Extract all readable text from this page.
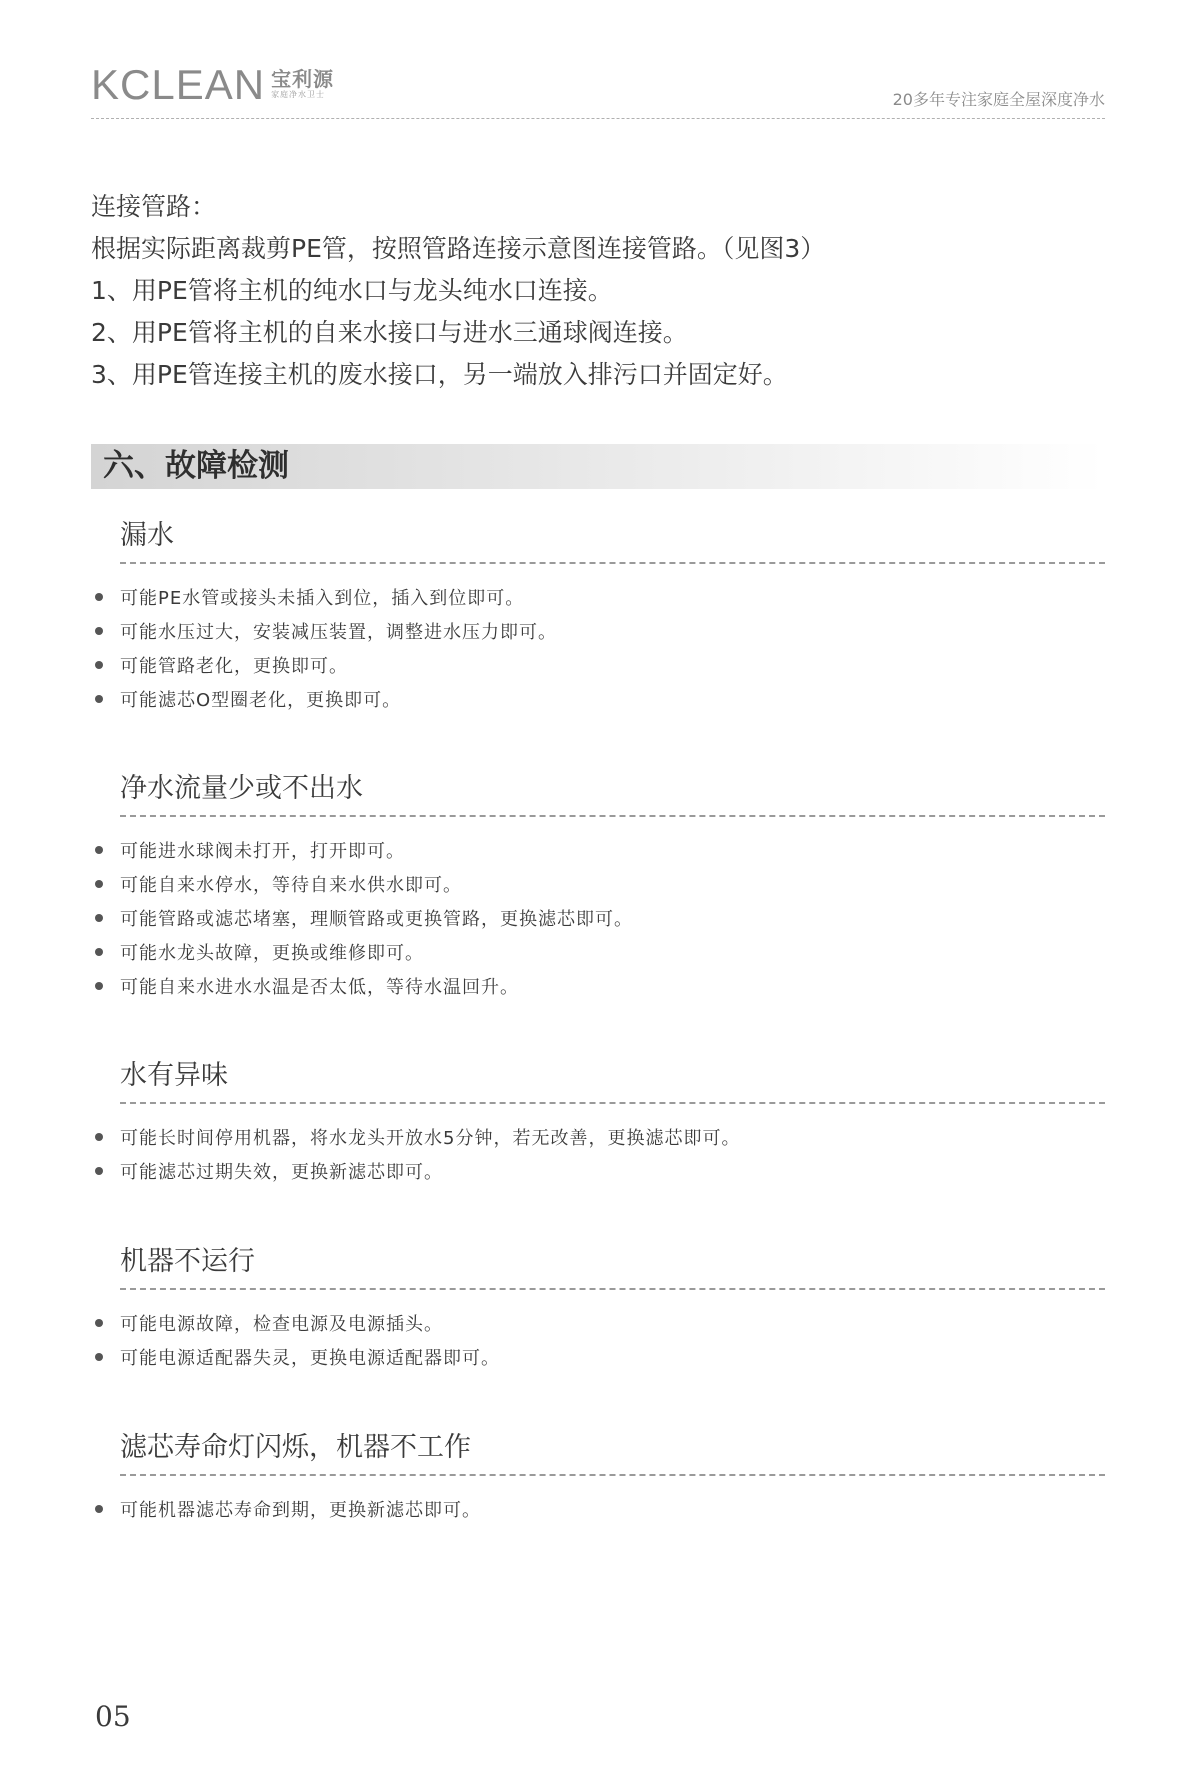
KCLEAN 宝利源
家庭净水卫士	20多年专注家庭全屋深度净水

连接管路：

根据实际距离裁剪PE管，按照管路连接示意图连接管路。（见图3）

1、用PE管将主机的纯水口与龙头纯水口连接。

2、用PE管将主机的自来水接口与进水三通球阀连接。

3、用PE管连接主机的废水接口，另一端放入排污口并固定好。

六、故障检测
漏水
可能PE水管或接头未插入到位，插入到位即可。
可能水压过大，安装减压装置，调整进水压力即可。
可能管路老化，更换即可。
可能滤芯O型圈老化，更换即可。
净水流量少或不出水
可能进水球阀未打开，打开即可。
可能自来水停水，等待自来水供水即可。
可能管路或滤芯堵塞，理顺管路或更换管路，更换滤芯即可。
可能水龙头故障，更换或维修即可。
可能自来水进水水温是否太低，等待水温回升。
水有异味
可能长时间停用机器，将水龙头开放水5分钟，若无改善，更换滤芯即可。
可能滤芯过期失效，更换新滤芯即可。
机器不运行
可能电源故障，检查电源及电源插头。
可能电源适配器失灵，更换电源适配器即可。
滤芯寿命灯闪烁，机器不工作
可能机器滤芯寿命到期，更换新滤芯即可。
05
